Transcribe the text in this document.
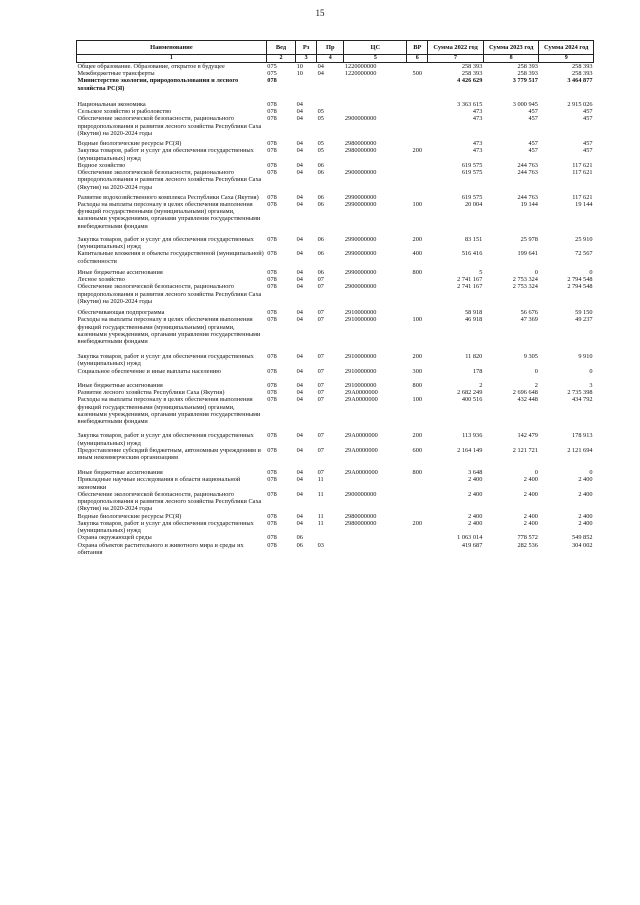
15
Наименование	Вед	Рз	Пр	ЦС	ВР	Сумма 2022 год	Сумма 2023 год	Сумма 2024 год
1	2	3	4	5	6	7	8	9
Общее образование. Образование, открытое в будущее	075	10	04	1220000000		258 393	258 393	258 393
Межбюджетные трансферты	075	10	04	1220000000	500	258 393	258 393	258 393
Министерство экологии, природопользования и лесного хозяйства РС(Я)	078					4 426 629	3 779 517	3 464 877
Национальная экономика	078	04				3 363 615	3 000 945	2 915 026
Сельское хозяйство и рыболовство	078	04	05			473	457	457
Обеспечение экологической безопасности, рационального природопользования и развития лесного хозяйства Республики Саха (Якутия) на 2020-2024 годы	078	04	05	2900000000		473	457	457
Водные биологические ресурсы РС(Я)	078	04	05	2980000000		473	457	457
Закупка товаров, работ и услуг для обеспечения государственных (муниципальных) нужд	078	04	05	2980000000	200	473	457	457
Водное хозяйство	078	04	06			619 575	244 763	117 621
Обеспечение экологической безопасности, рационального природопользования и развития лесного хозяйства Республики Саха (Якутия) на 2020-2024 годы	078	04	06	2900000000		619 575	244 763	117 621
Развитие водохозяйственного комплекса Республики Саха (Якутия)	078	04	06	2990000000		619 575	244 763	117 621
Расходы на выплаты персоналу в целях обеспечения выполнения функций государственными (муниципальными) органами, казенными учреждениями, органами управления государственными внебюджетными фондами	078	04	06	2990000000	100	20 004	19 144	19 144
Закупка товаров, работ и услуг для обеспечения государственных (муниципальных) нужд	078	04	06	2990000000	200	83 151	25 978	25 910
Капитальные вложения в объекты государственной (муниципальной) собственности	078	04	06	2990000000	400	516 416	199 641	72 567
Иные бюджетные ассигнования	078	04	06	2990000000	800	5	0	0
Лесное хозяйство	078	04	07			2 741 167	2 753 324	2 794 548
Обеспечение экологической безопасности, рационального природопользования и развития лесного хозяйства Республики Саха (Якутия) на 2020-2024 годы	078	04	07	2900000000		2 741 167	2 753 324	2 794 548
Обеспечивающая подпрограмма	078	04	07	2910000000		58 918	56 676	59 150
Расходы на выплаты персоналу в целях обеспечения выполнения функций государственными (муниципальными) органами, казенными учреждениями, органами управления государственными внебюджетными фондами	078	04	07	2910000000	100	46 918	47 369	49 237
Закупка товаров, работ и услуг для обеспечения государственных (муниципальных) нужд	078	04	07	2910000000	200	11 820	9 305	9 910
Социальное обеспечение и иные выплаты населению	078	04	07	2910000000	300	178	0	0
Иные бюджетные ассигнования	078	04	07	2910000000	800	2	2	3
Развитие лесного хозяйства Республики Саха (Якутия)	078	04	07	29А0000000		2 682 249	2 696 648	2 735 398
Расходы на выплаты персоналу в целях обеспечения выполнения функций государственными (муниципальными) органами, казенными учреждениями, органами управления государственными внебюджетными фондами	078	04	07	29А0000000	100	400 516	432 448	434 792
Закупка товаров, работ и услуг для обеспечения государственных (муниципальных) нужд	078	04	07	29А0000000	200	113 936	142 479	178 913
Предоставление субсидий бюджетным, автономным учреждениям и иным некоммерческим организациям	078	04	07	29А0000000	600	2 164 149	2 121 721	2 121 694
Иные бюджетные ассигнования	078	04	07	29А0000000	800	3 648	0	0
Прикладные научные исследования в области национальной экономики	078	04	11			2 400	2 400	2 400
Обеспечение экологической безопасности, рационального природопользования и развития лесного хозяйства Республики Саха (Якутия) на 2020-2024 годы	078	04	11	2900000000		2 400	2 400	2 400
Водные биологические ресурсы РС(Я)	078	04	11	2980000000		2 400	2 400	2 400
Закупка товаров, работ и услуг для обеспечения государственных (муниципальных) нужд	078	04	11	2980000000	200	2 400	2 400	2 400
Охрана окружающей среды	078	06				1 063 014	778 572	549 852
Охрана объектов растительного и животного мира и среды их обитания	078	06	03			419 687	282 536	304 002
